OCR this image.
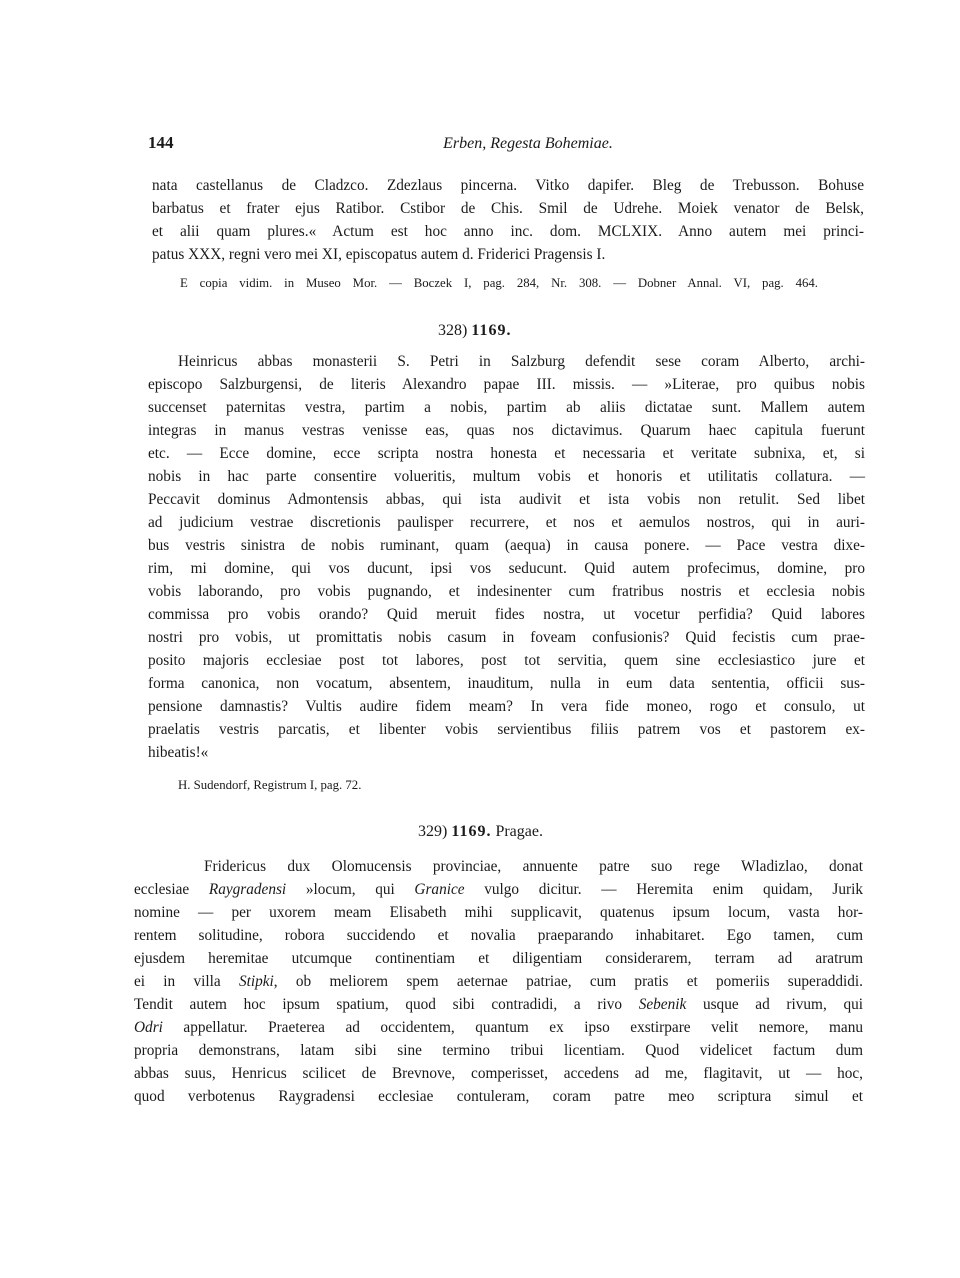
144	Erben, Regesta Bohemiae.
nata castellanus de Cladzco. Zdezlaus pincerna. Vitko dapifer. Bleg de Trebusson. Bohuse
barbatus et frater ejus Ratibor. Cstibor de Chis. Smil de Udrehe. Moiek venator de Belsk,
et alii quam plures.« Actum est hoc anno inc. dom. MCLXIX. Anno autem mei princi-
patus XXX, regni vero mei XI, episcopatus autem d. Friderici Pragensis I.
E copia vidim. in Museo Mor. — Boczek I, pag. 284, Nr. 308. — Dobner Annal. VI, pag. 464.
328) 1169.
Heinricus abbas monasterii S. Petri in Salzburg defendit sese coram Alberto, archi-
episcopo Salzburgensi, de literis Alexandro papae III. missis. — »Literae, pro quibus nobis
succenset paternitas vestra, partim a nobis, partim ab aliis dictatae sunt. Mallem autem
integras in manus vestras venisse eas, quas nos dictavimus. Quarum haec capitula fuerunt
etc. — Ecce domine, ecce scripta nostra honesta et necessaria et veritate subnixa, et, si
nobis in hac parte consentire volueritis, multum vobis et honoris et utilitatis collatura. —
Peccavit dominus Admontensis abbas, qui ista audivit et ista vobis non retulit. Sed libet
ad judicium vestrae discretionis paulisper recurrere, et nos et aemulos nostros, qui in auri-
bus vestris sinistra de nobis ruminant, quam (aequa) in causa ponere. — Pace vestra dixe-
rim, mi domine, qui vos ducunt, ipsi vos seducunt. Quid autem profecimus, domine, pro
vobis laborando, pro vobis pugnando, et indesinenter cum fratribus nostris et ecclesia nobis
commissa pro vobis orando? Quid meruit fides nostra, ut vocetur perfidia? Quid labores
nostri pro vobis, ut promittatis nobis casum in foveam confusionis? Quid fecistis cum prae-
posito majoris ecclesiae post tot labores, post tot servitia, quem sine ecclesiastico jure et
forma canonica, non vocatum, absentem, inauditum, nulla in eum data sententia, officii sus-
pensione damnastis? Vultis audire fidem meam? In vera fide moneo, rogo et consulo, ut
praelatis vestris parcatis, et libenter vobis servientibus filiis patrem vos et pastorem ex-
hibeatis!«
H. Sudendorf, Registrum I, pag. 72.
329) 1169. Pragae.
Fridericus dux Olomucensis provinciae, annuente patre suo rege Wladizlao, donat
ecclesiae Raygradensi »locum, qui Granice vulgo dicitur. — Heremita enim quidam, Jurik
nomine — per uxorem meam Elisabeth mihi supplicavit, quatenus ipsum locum, vasta hor-
rentem solitudine, robora succidendo et novalia praeparando inhabitaret. Ego tamen, cum
ejusdem heremitae utcumque continentiam et diligentiam considerarem, terram ad aratrum
ei in villa Stipki, ob meliorem spem aeternae patriae, cum pratis et pomeriis superaddidi.
Tendit autem hoc ipsum spatium, quod sibi contradidi, a rivo Sebenik usque ad rivum, qui
Odri appellatur. Praeterea ad occidentem, quantum ex ipso exstirpare velit nemore, manu
propria demonstrans, latam sibi sine termino tribui licentiam. Quod videlicet factum dum
abbas suus, Henricus scilicet de Brevnove, comperisset, accedens ad me, flagitavit, ut — hoc,
quod verbotenus Raygradensi ecclesiae contuleram, coram patre meo scriptura simul et
